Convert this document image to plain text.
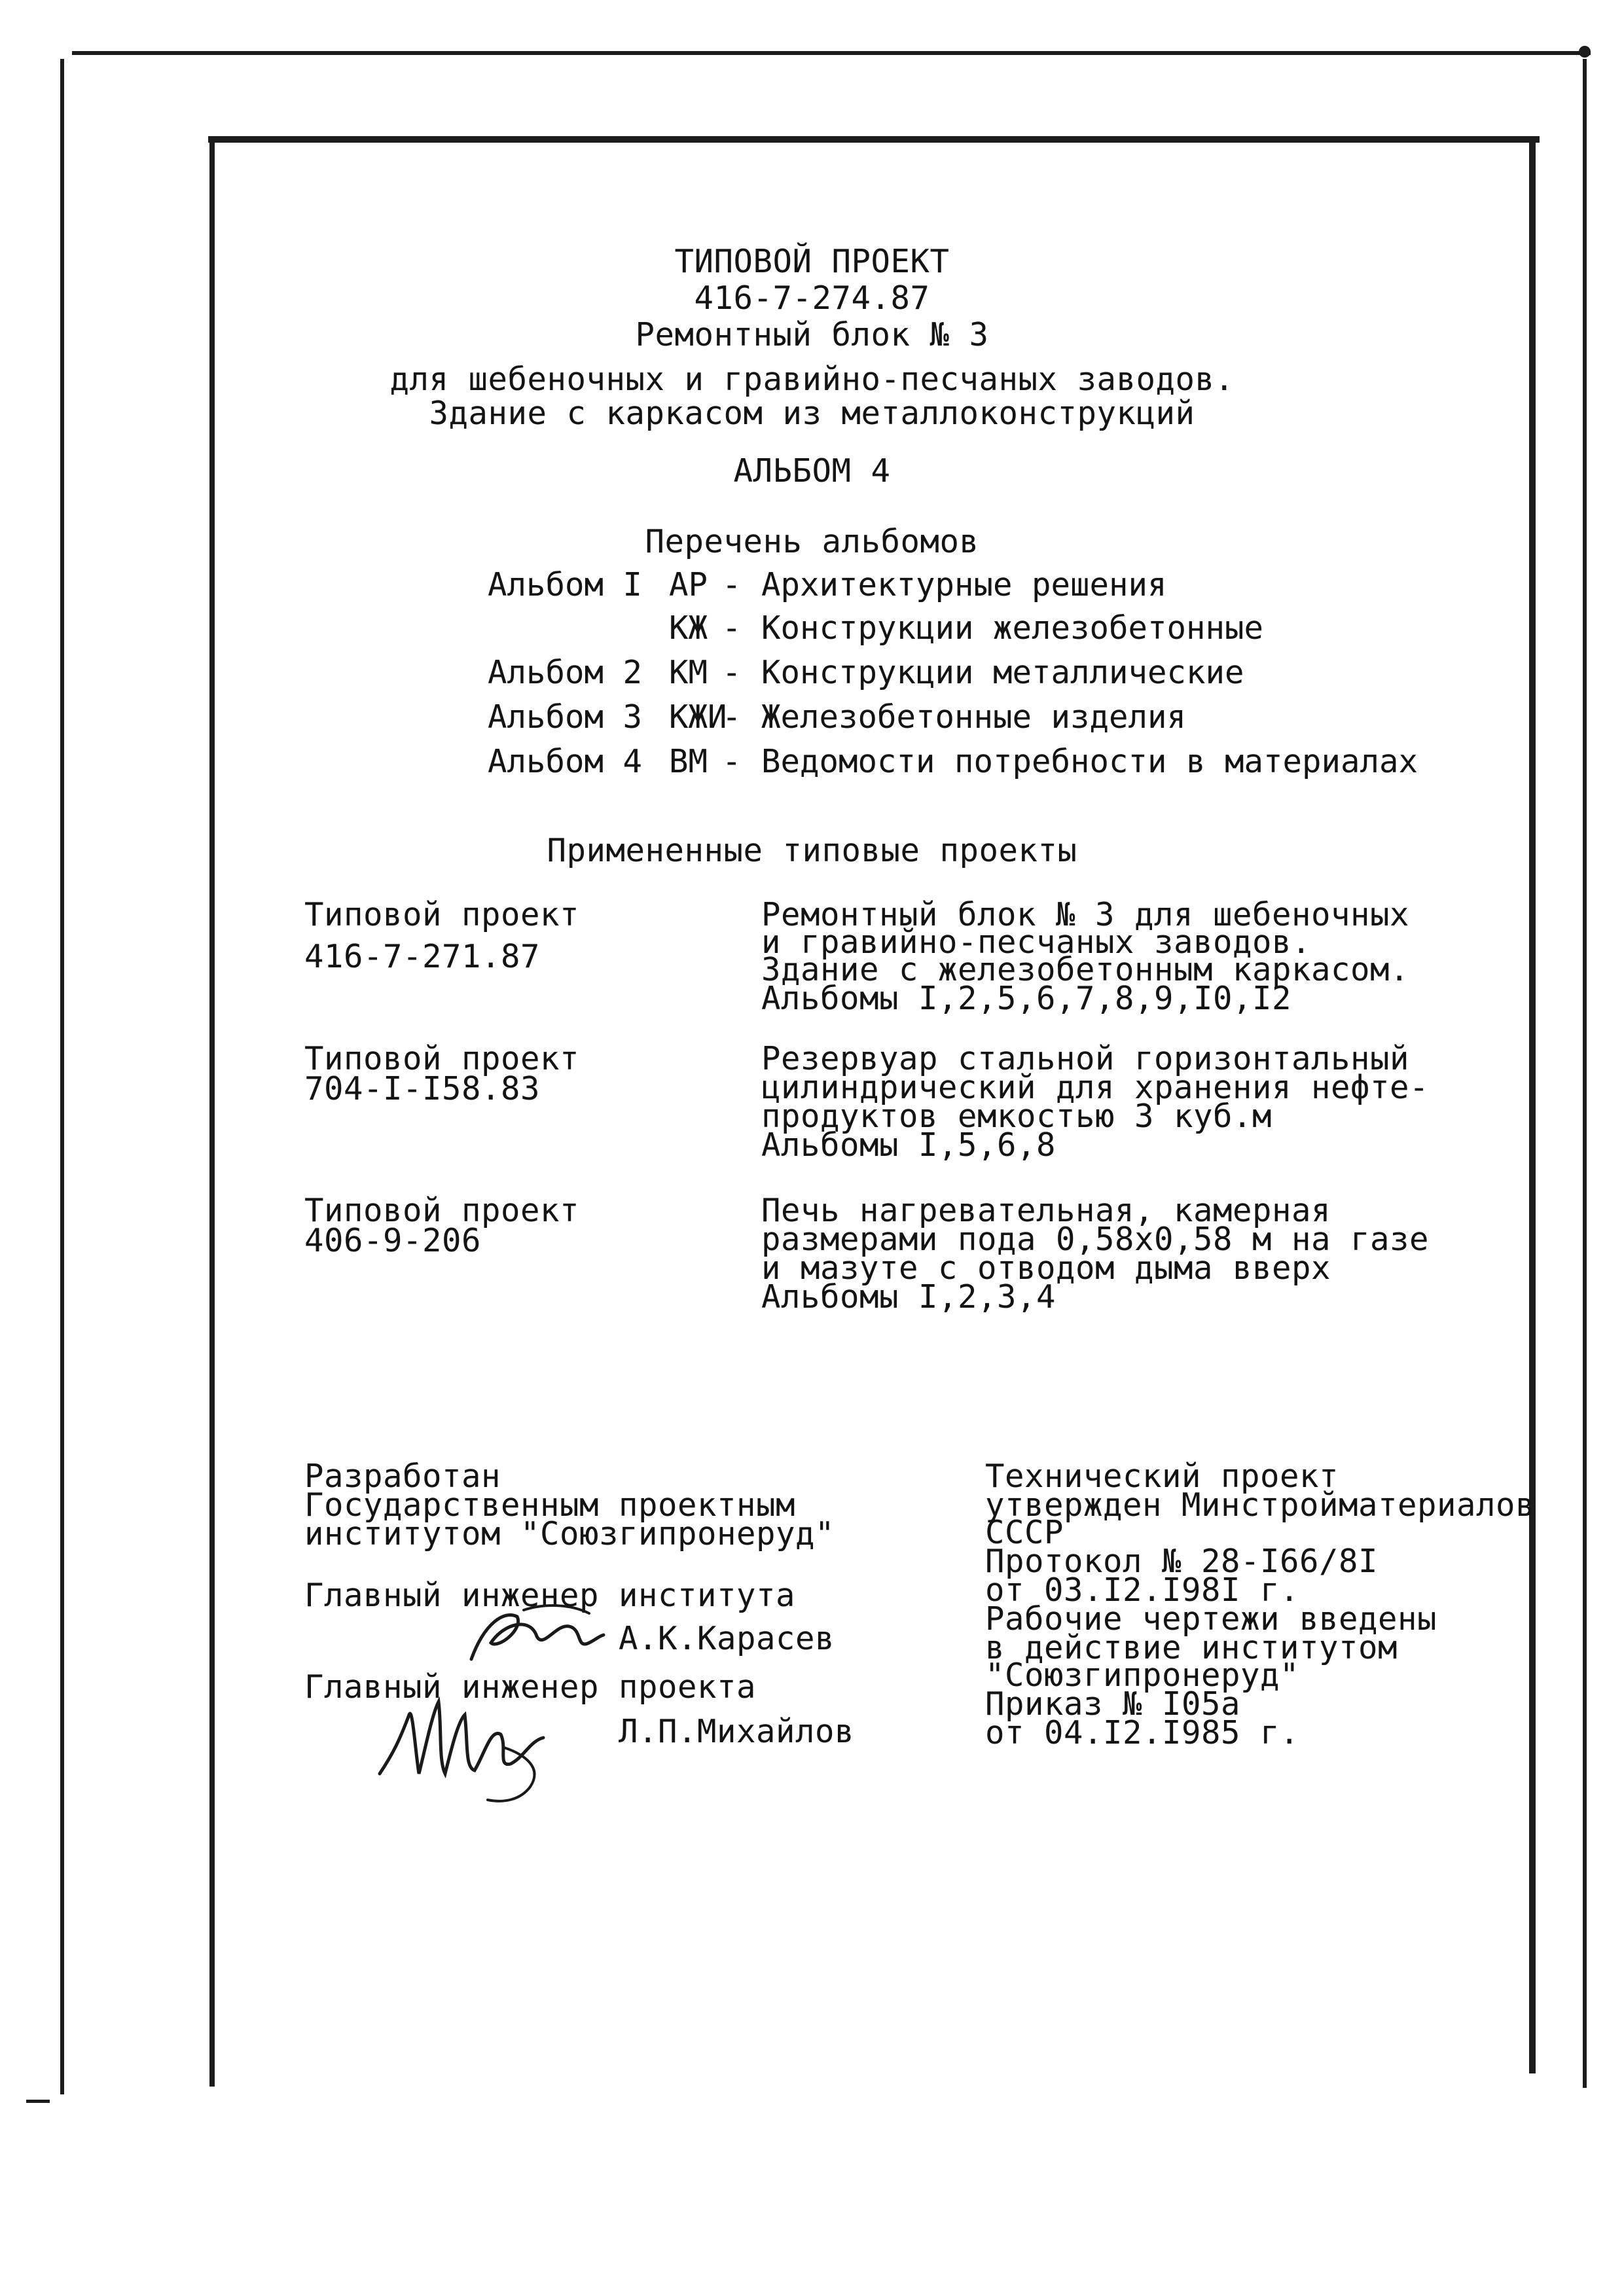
ТИПОВОЙ ПРОЕКТ
416-7-274.87
Ремонтный блок № 3
для шебеночных и гравийно-песчаных заводов.
Здание с каркасом из металлоконструкций
АЛЬБОМ 4
Перечень альбомов
Альбом I АР - Архитектурные решения
КЖ - Конструкции железобетонные
Альбом 2 КМ - Конструкции металлические
Альбом 3 КЖИ
- Железобетонные изделия
Альбом 4 ВМ - Ведомости потребности в материалах
Примененные типовые проекты
Типовой проект
416-7-271.87
Ремонтный блок № 3 для шебеночных
и гравийно-песчаных заводов.
Здание с железобетонным каркасом.
Альбомы I,2,5,6,7,8,9,I0,I2
Типовой проект
704-I-I58.83
Резервуар стальной горизонтальный
цилиндрический для хранения нефте-
продуктов емкостью 3 куб.м
Альбомы I,5,6,8
Типовой проект
406-9-206
Печь нагревательная, камерная
размерами пода 0,58х0,58 м на газе
и мазуте с отводом дыма вверх
Альбомы I,2,3,4
Разработан
Государственным проектным
институтом "Союзгипронеруд"
Главный инженер института
А.К.Карасев
Главный инженер проекта
Л.П.Михайлов
Технический проект
утвержден Минстройматериалов
СССР
Протокол № 28-I66/8I
от 03.I2.I98I г.
Рабочие чертежи введены
в действие институтом
"Союзгипронеруд"
Приказ № I05а
от 04.I2.I985 г.
